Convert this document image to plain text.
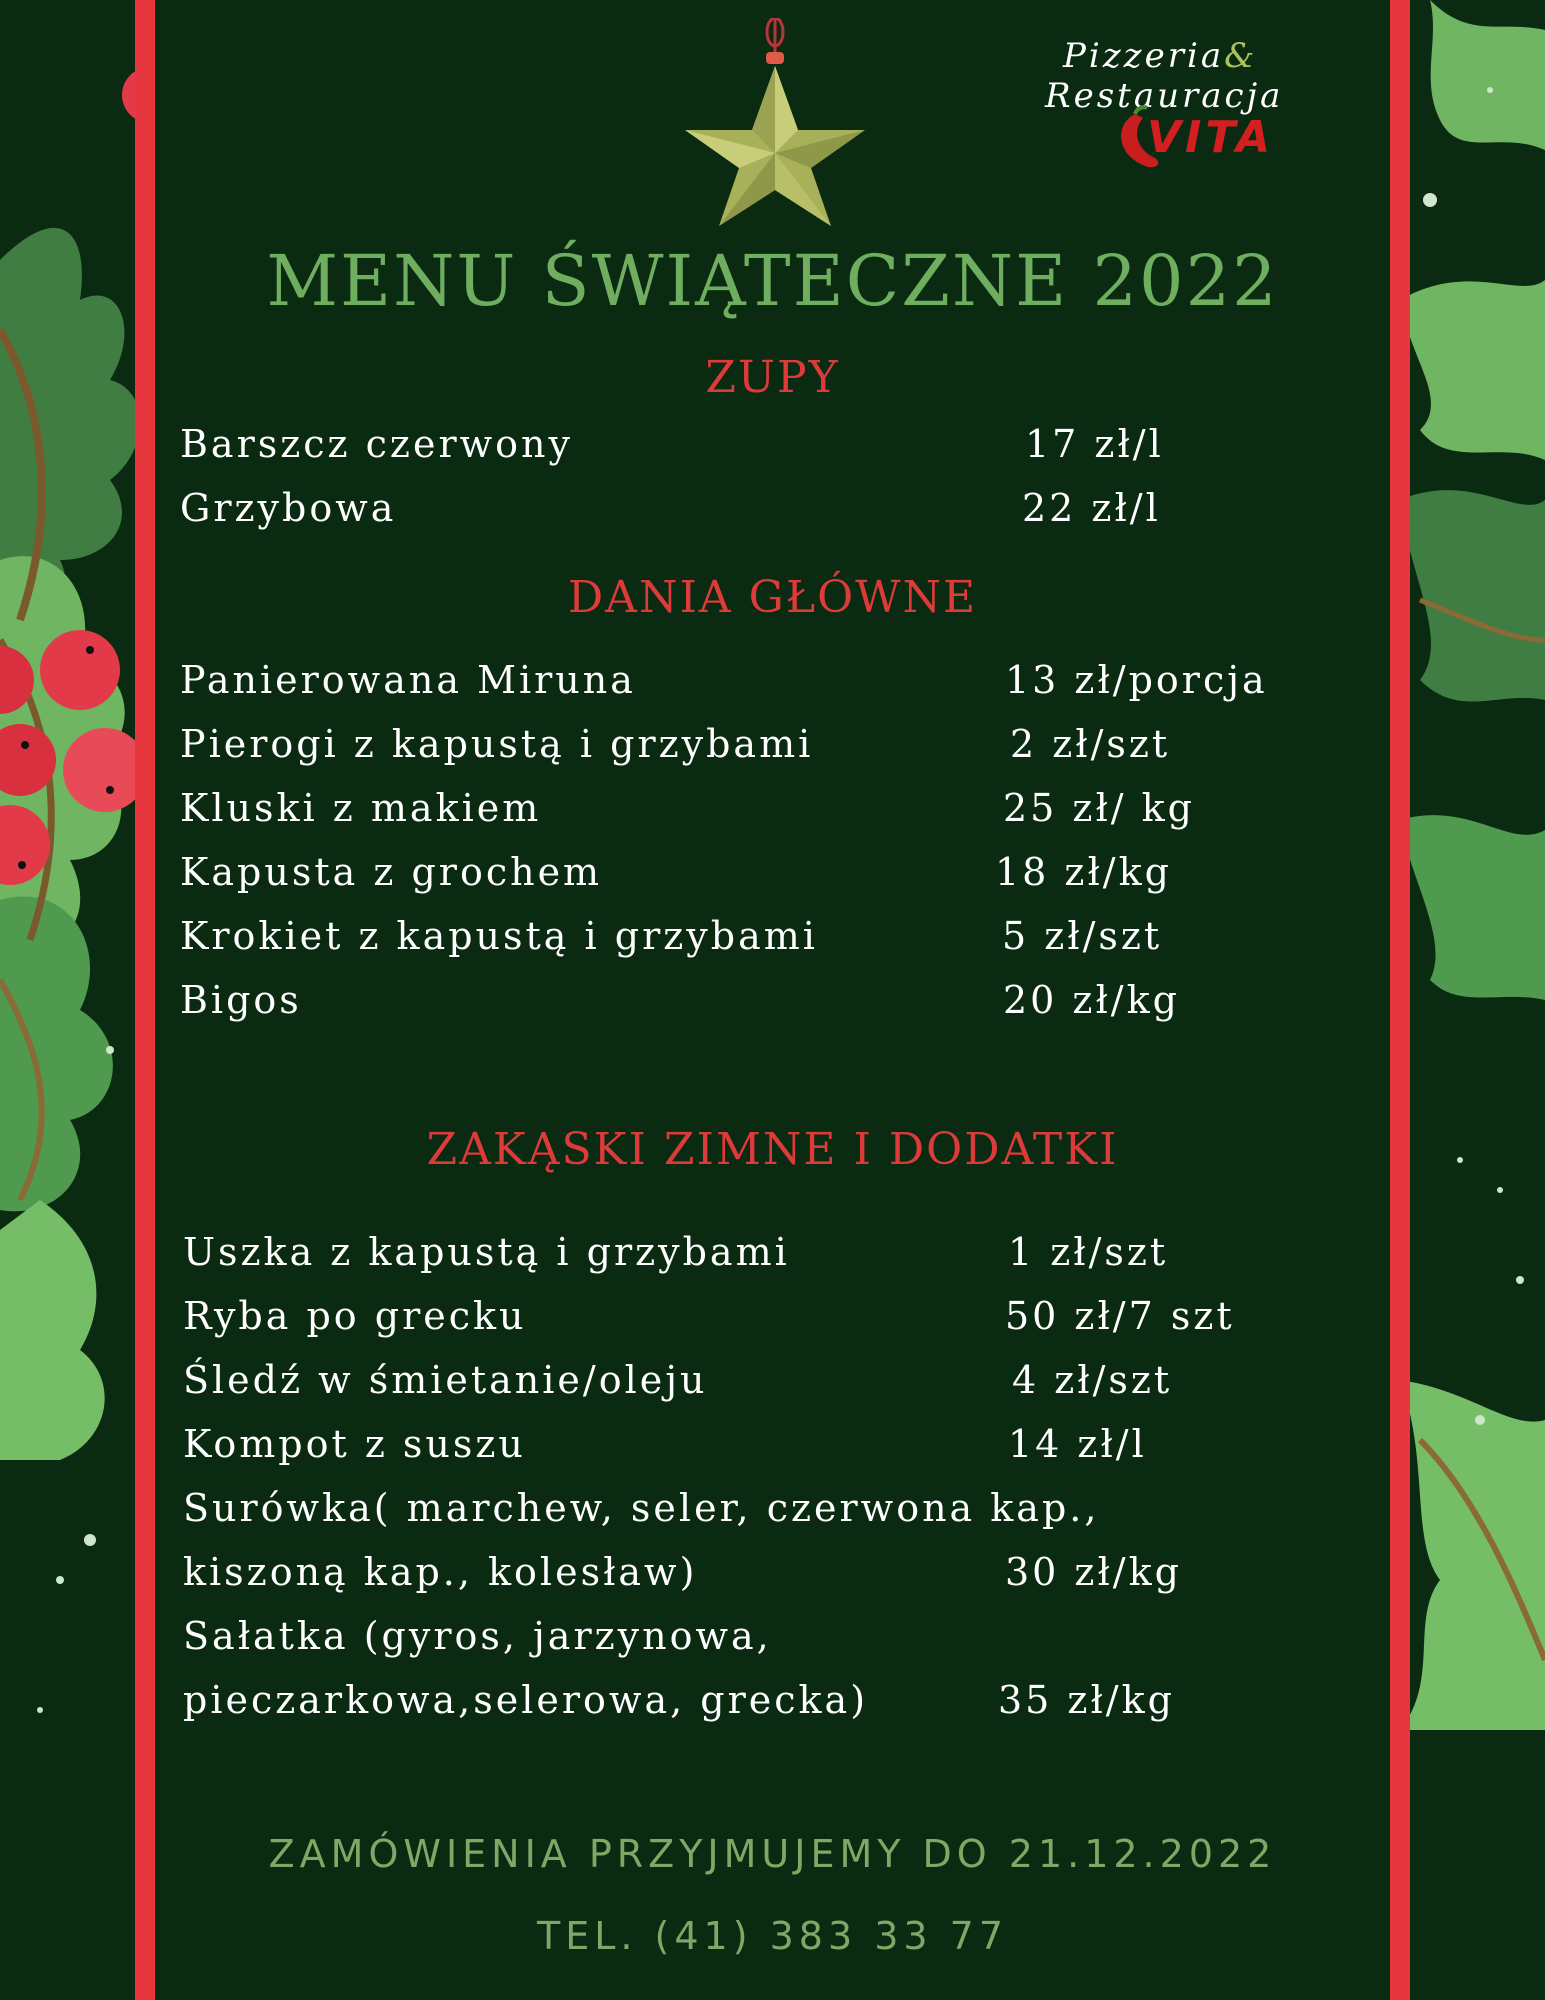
Pizzeria&
Restauracja
VITA
MENU ŚWIĄTECZNE 2022
ZUPY
Barszcz czerwony	17 zł/l
Grzybowa	22 zł/l
DANIA GŁÓWNE
Panierowana Miruna	13 zł/porcja
Pierogi z kapustą i grzybami	2 zł/szt
Kluski z makiem	25 zł/ kg
Kapusta z grochem	18 zł/kg
Krokiet z kapustą i grzybami	5 zł/szt
Bigos	20 zł/kg
ZAKĄSKI ZIMNE I DODATKI
Uszka z kapustą i grzybami	1 zł/szt
Ryba po grecku	50 zł/7 szt
Śledź w śmietanie/oleju	4 zł/szt
Kompot z suszu	14 zł/l
Surówka( marchew, seler, czerwona kap.,
kiszoną kap., kolesław)	30 zł/kg
Sałatka (gyros, jarzynowa,
pieczarkowa,selerowa, grecka)	35 zł/kg
ZAMÓWIENIA PRZYJMUJEMY DO 21.12.2022
TEL. (41) 383 33 77
